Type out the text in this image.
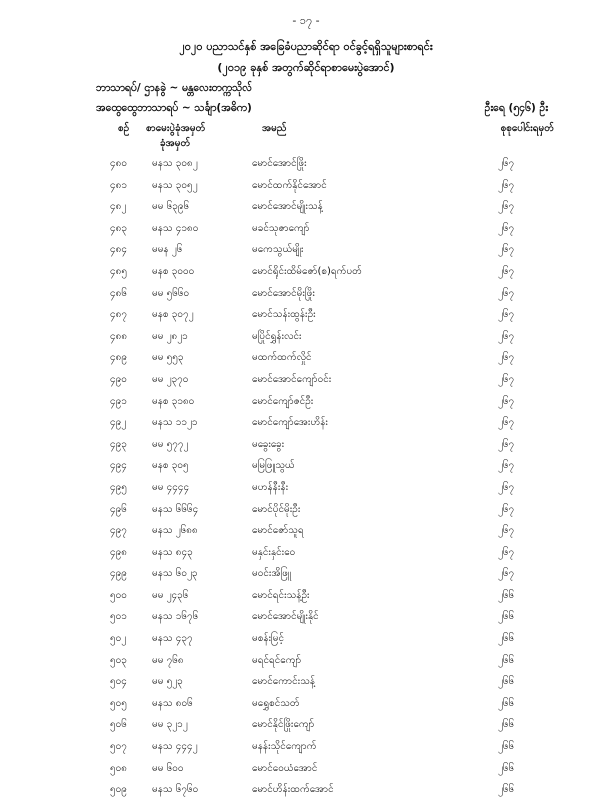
- ၁၇ -
၂၀၂၀ ပညာသင်နှစ် အခြေခံပညာဆိုင်ရာ ဝင်ခွင့်ရရှိသူများစာရင်း
(၂၀၁၉ ခုနှစ် အတွက်ဆိုင်ရာစာမေးပွဲအောင်)
ဘာသာရပ်/ ဌာနခွဲ ~ မန္တလေးတက္ကသိုလ်
အထွေထွေဘာသာရပ် ~ သင်္ချာ(အဓိက)	ဦးရေ (၅၄၆) ဦး
စဉ် စာမေးပွဲခုံအမှတ်
ခုံအမှတ်
အမည်	စုစုပေါင်းရမှတ်
၄၈၀	မနသ ၃၀၈၂	မောင်အောင်ဖြိုး	၂၆၇
၄၈၁	မနသ ၃၀၅၂	မောင်ထက်နိုင်အောင်	၂၆၇
၄၈၂	မမ ၆၃၉၆	မောင်အောင်မျိုးသန့်	၂၆၇
၄၈၃	မနသ ၄၁၈၀	မခင်သုဇာကျော်	၂၆၇
၄၈၄	မမန ၂၆	မကေသွယ်မျိုး	၂၆၇
၄၈၅	မနစ ၃၀၀၀	မောင်ရိုင်းထိမ်ဇော်(စ)ရက်ပတ်	၂၆၇
၄၈၆	မမ ၅၆၆၀	မောင်အောင်မိုးဖြိုး	၂၆၇
၄၈၇	မနစ ၃၀၇၂	မောင်သန်းထွန်းဦး	၂၆၇
၄၈၈ မမ ၂၈၂၁	မပြိုင်ရွှန်းလင်း	၂၆၇
၄၈၉	မမ ၅၅၃	မထက်ထက်လှိုင်	၂၆၇
၄၉၀	မမ ၂၃၇၀	မောင်အောင်ကျော်ဝင်း	၂၆၇
၄၉၁	မနစ ၃၁၈၀	မောင်ကျော်ဇင်ဦး	၂၆၇
၄၉၂	မနသ ၁၁၂၁	မောင်ကျော်အေးဟိန်း	၂၆၇
၄၉၃	မမ ၅၇၇၂	မခွေးခွေး	၂၆၇
၄၉၄	မနစ ၃၀၅	မမြဖြူသွယ်	၂၆၇
၄၉၅	မမ ၄၄၄၄	မဟန်နီးနီး	၂၆၇
၄၉၆	မနသ ၆၆၆၄	မောင်ပိုင်မိုးဦး	၂၆၇
၄၉၇	မနသ ၂၆၈၈	မောင်ဇော်သူရ	၂၆၇
၄၉၈	မနသ ၈၄၃	မနှင်းနှင်းဝေ	၂၆၇
၄၉၉	မနသ ၆၀၂၃	မဝင်းအိဖြူ	၂၆၇
၅၀၀	မမ ၂၄၃၆	မောင်ရင်းသန့်ဦး	၂၆၆
၅၀၁	မနသ ၁၆၇၆	မောင်အောင်မျိုးနိုင်	၂၆၆
၅၀၂	မနသ ၄၃၇	မစန်းမြင့်	၂၆၆
၅၀၃	မမ ၇၆၈	မရင်ရင်ကျော်	၂၆၆
၅၀၄	မမ ၅၂၃	မောင်ကောင်းသန့်	၂၆၆
၅၀၅	မနသ ၈၀၆	မရွှေစင်သတ်	၂၆၆
၅၀၆	မမ ၃၂၁၂	မောင်နိုင်ဖြိုးကျော်	၂၆၆
၅၀၇	မနသ ၄၄၄၂	မနန်းသိုင်ကျောက်	၂၆၆
၅၀၈	မမ ၆၀၀	မောင်ဝေယံအောင်	၂၆၆
၅၀၉	မနသ ၆၇၆၀	မောင်ဟိန်းထက်အောင်	၂၆၆
